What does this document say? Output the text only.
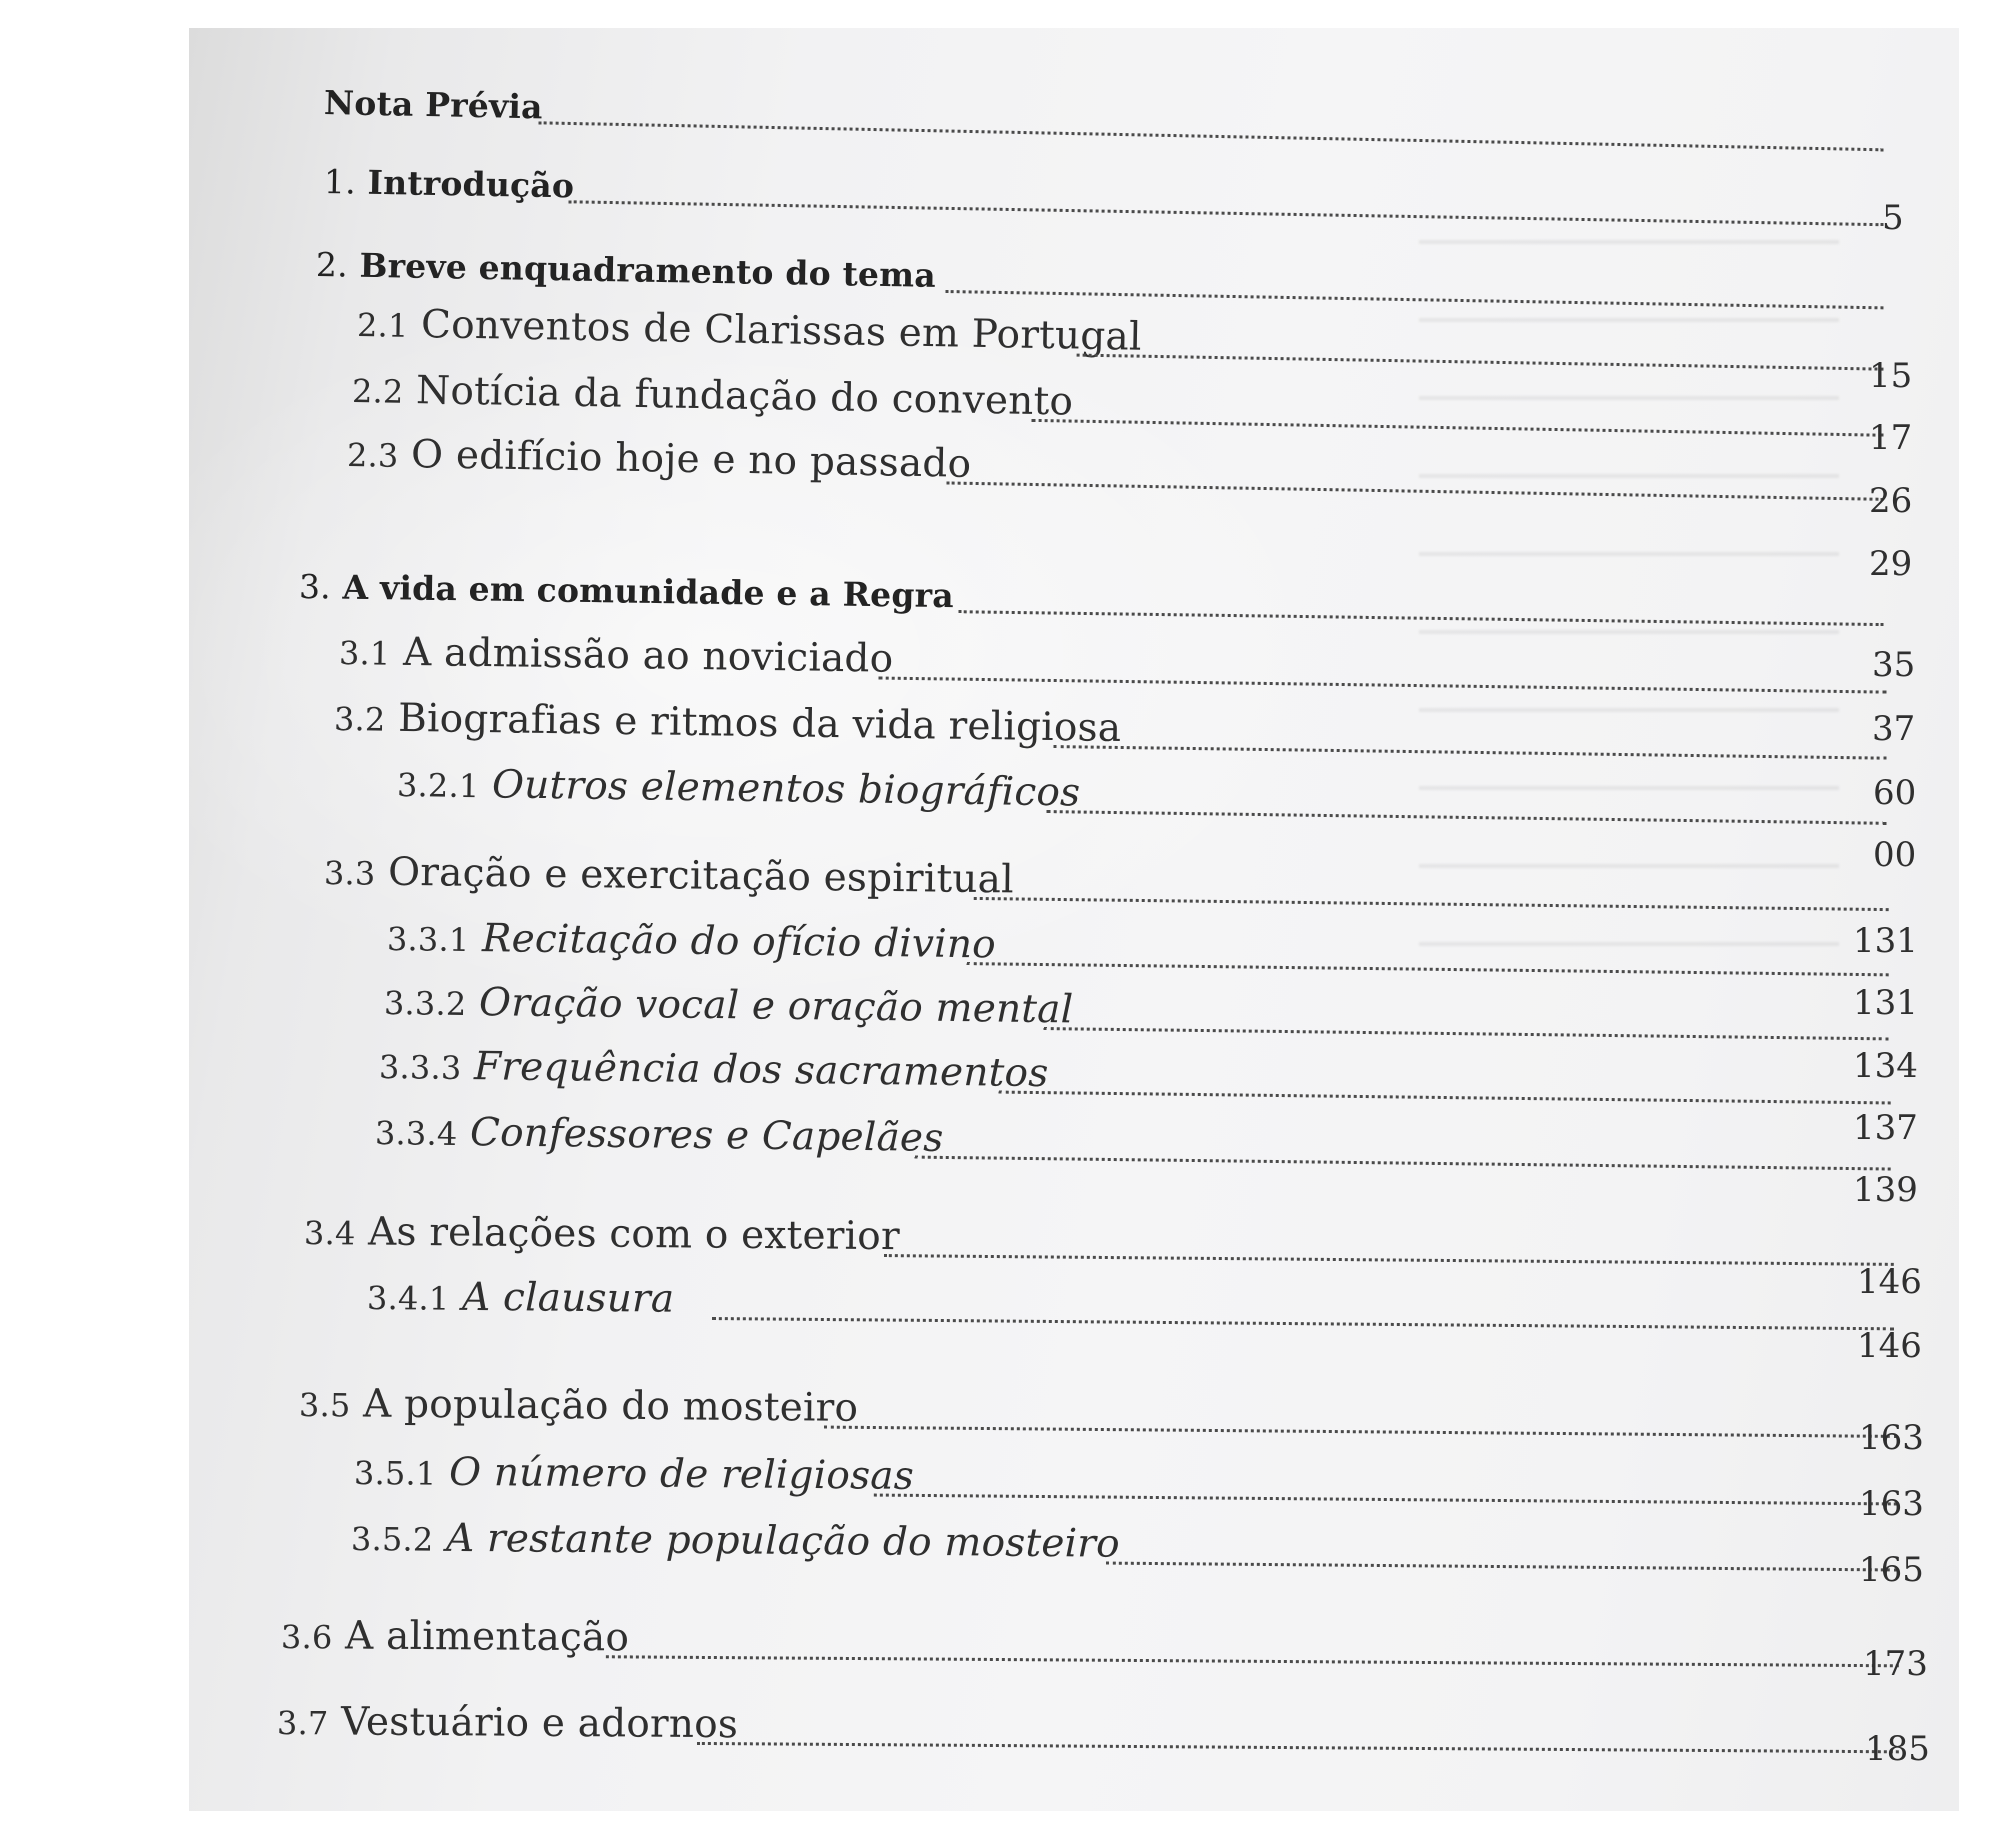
Nota Prévia
1. Introdução
2. Breve enquadramento do tema
2.1 Conventos de Clarissas em Portugal
2.2 Notícia da fundação do convento
2.3 O edifício hoje e no passado
3. A vida em comunidade e a Regra
3.1 A admissão ao noviciado
3.2 Biografias e ritmos da vida religiosa
3.2.1 Outros elementos biográficos
3.3 Oração e exercitação espiritual
3.3.1 Recitação do ofício divino
3.3.2 Oração vocal e oração mental
3.3.3 Frequência dos sacramentos
3.3.4 Confessores e Capelães
3.4 As relações com o exterior
3.4.1 A clausura
3.5 A população do mosteiro
3.5.1 O número de religiosas
3.5.2 A restante população do mosteiro
3.6 A alimentação
3.7 Vestuário e adornos
5
15
17
26
29
35
37
60
00
131
131
134
137
139
146
146
163
163
165
173
185
